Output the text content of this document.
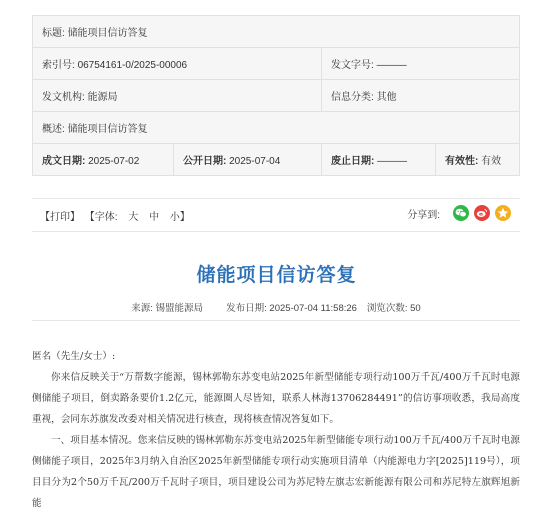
标题: 储能项目信访答复			
索引号: 06754161-0/2025-00006		发文字号: ———	
发文机构: 能源局		信息分类: 其他	
概述: 储能项目信访答复			
成文日期: 2025-07-02	公开日期: 2025-07-04	废止日期: ———	有效性: 有效
【打印】 【字体: 大 中 小】	分享到:
储能项目信访答复
来源: 锡盟能源局 发布日期: 2025-07-04 11:58:26 浏览次数: 50

匿名（先生/女士）:

你来信反映关于“万帮数字能源，锡林郭勒东苏变电站2025年新型储能专项行动100万千瓦/400万千瓦时电源侧储能子项目，倒卖路条要价1.2亿元，能源圈人尽皆知，联系人林海13706284491”的信访事项收悉，我局高度重视，会同东苏旗发改委对相关情况进行核查，现将核查情况答复如下。

一、项目基本情况。您来信反映的锡林郭勒东苏变电站2025年新型储能专项行动100万千瓦/400万千瓦时电源侧储能子项目，2025年3月纳入自治区2025年新型储能专项行动实施项目清单（内能源电力字[2025]119号），项目目分为2个50万千瓦/200万千瓦时子项目，项目建设公司为苏尼特左旗志宏新能源有限公司和苏尼特左旗辉旭新能
